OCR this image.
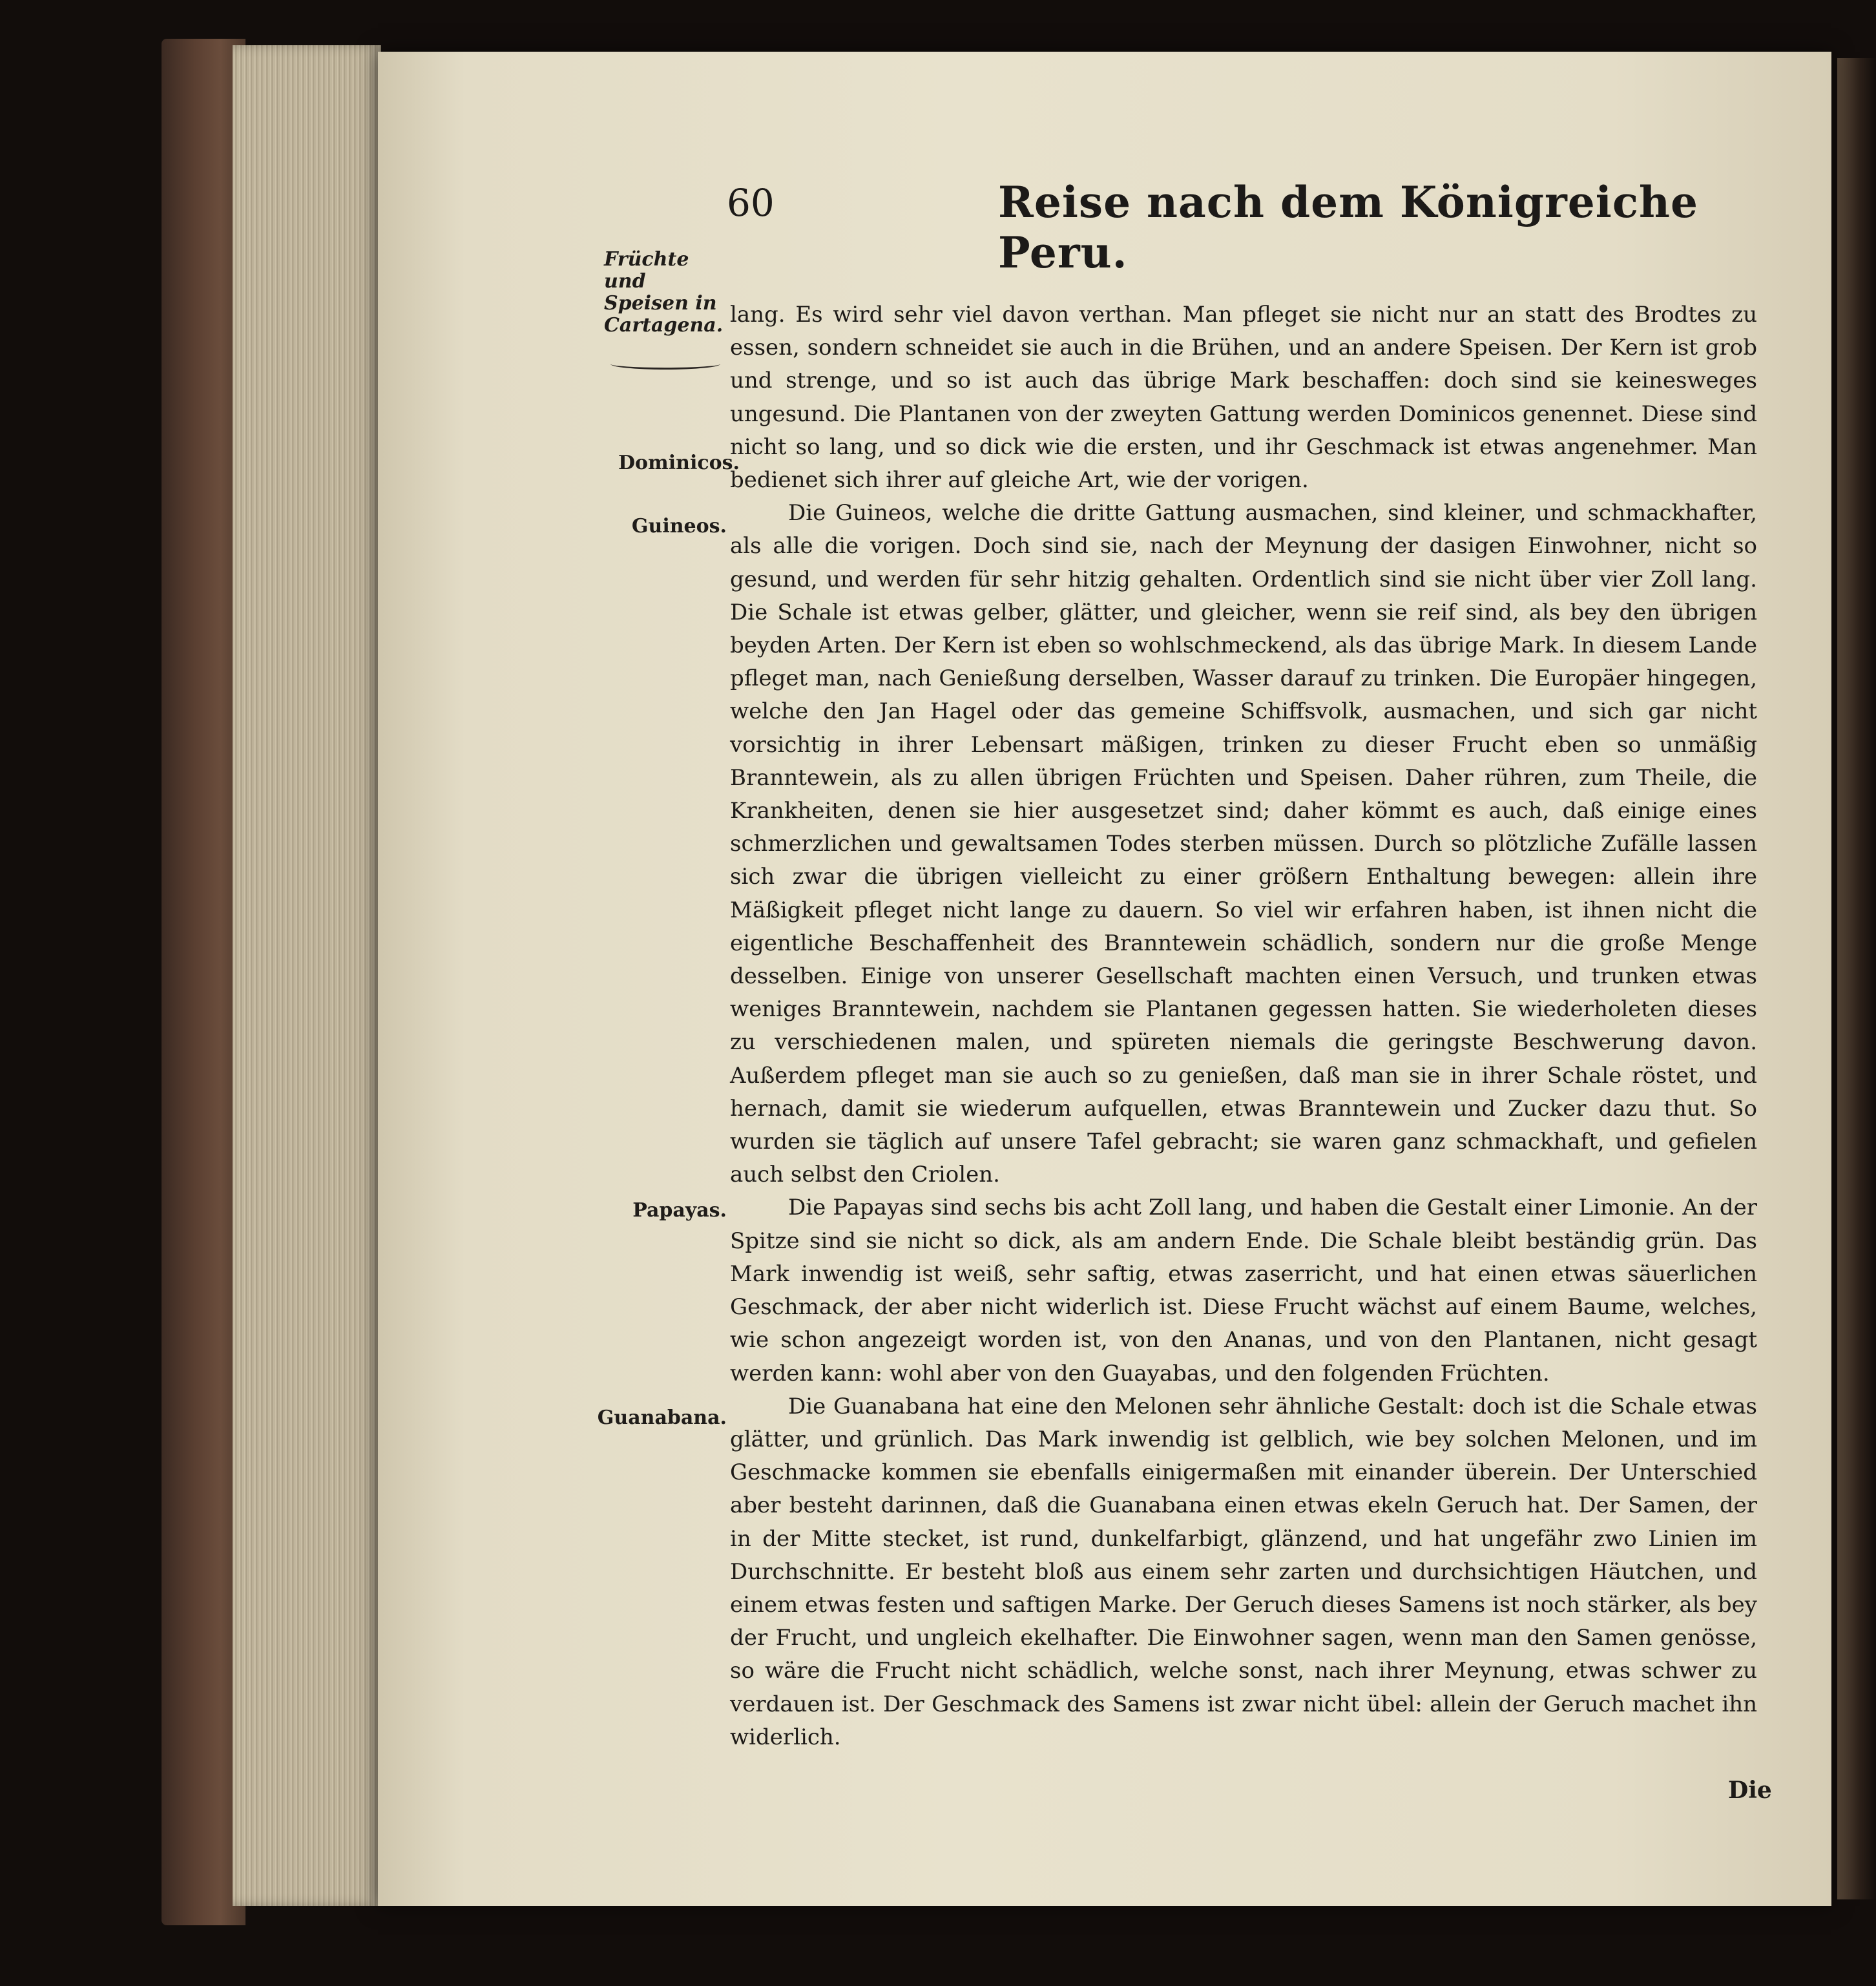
60	Reise nach dem Königreiche Peru.
Früchte und Speisen in Cartagena.
Dominicos.
Guineos.
Papayas.
Guanabana.

lang. Es wird sehr viel davon verthan. Man pfleget sie nicht nur an statt des Brodtes zu essen, sondern schneidet sie auch in die Brühen, und an andere Speisen. Der Kern ist grob und strenge, und so ist auch das übrige Mark beschaffen: doch sind sie keinesweges ungesund. Die Plantanen von der zweyten Gattung werden Dominicos genennet. Diese sind nicht so lang, und so dick wie die ersten, und ihr Geschmack ist etwas angenehmer. Man bedienet sich ihrer auf gleiche Art, wie der vorigen.

Die Guineos, welche die dritte Gattung ausmachen, sind kleiner, und schmackhafter, als alle die vorigen. Doch sind sie, nach der Meynung der dasigen Einwohner, nicht so gesund, und werden für sehr hitzig gehalten. Ordentlich sind sie nicht über vier Zoll lang. Die Schale ist etwas gelber, glätter, und gleicher, wenn sie reif sind, als bey den übrigen beyden Arten. Der Kern ist eben so wohlschmeckend, als das übrige Mark. In diesem Lande pfleget man, nach Genießung derselben, Wasser darauf zu trinken. Die Europäer hingegen, welche den Jan Hagel oder das gemeine Schiffsvolk, ausmachen, und sich gar nicht vorsichtig in ihrer Lebensart mäßigen, trinken zu dieser Frucht eben so unmäßig Branntewein, als zu allen übrigen Früchten und Speisen. Daher rühren, zum Theile, die Krankheiten, denen sie hier ausgesetzet sind; daher kömmt es auch, daß einige eines schmerzlichen und gewaltsamen Todes sterben müssen. Durch so plötzliche Zufälle lassen sich zwar die übrigen vielleicht zu einer größern Enthaltung bewegen: allein ihre Mäßigkeit pfleget nicht lange zu dauern. So viel wir erfahren haben, ist ihnen nicht die eigentliche Beschaffenheit des Branntewein schädlich, sondern nur die große Menge desselben. Einige von unserer Gesellschaft machten einen Versuch, und trunken etwas weniges Branntewein, nachdem sie Plantanen gegessen hatten. Sie wiederholeten dieses zu verschiedenen malen, und spüreten niemals die geringste Beschwerung davon. Außerdem pfleget man sie auch so zu genießen, daß man sie in ihrer Schale röstet, und hernach, damit sie wiederum aufquellen, etwas Branntewein und Zucker dazu thut. So wurden sie täglich auf unsere Tafel gebracht; sie waren ganz schmackhaft, und gefielen auch selbst den Criolen.

Die Papayas sind sechs bis acht Zoll lang, und haben die Gestalt einer Limonie. An der Spitze sind sie nicht so dick, als am andern Ende. Die Schale bleibt beständig grün. Das Mark inwendig ist weiß, sehr saftig, etwas zaserricht, und hat einen etwas säuerlichen Geschmack, der aber nicht widerlich ist. Diese Frucht wächst auf einem Baume, welches, wie schon angezeigt worden ist, von den Ananas, und von den Plantanen, nicht gesagt werden kann: wohl aber von den Guayabas, und den folgenden Früchten.

Die Guanabana hat eine den Melonen sehr ähnliche Gestalt: doch ist die Schale etwas glätter, und grünlich. Das Mark inwendig ist gelblich, wie bey solchen Melonen, und im Geschmacke kommen sie ebenfalls einigermaßen mit einander überein. Der Unterschied aber besteht darinnen, daß die Guanabana einen etwas ekeln Geruch hat. Der Samen, der in der Mitte stecket, ist rund, dunkelfarbigt, glänzend, und hat ungefähr zwo Linien im Durchschnitte. Er besteht bloß aus einem sehr zarten und durchsichtigen Häutchen, und einem etwas festen und saftigen Marke. Der Geruch dieses Samens ist noch stärker, als bey der Frucht, und ungleich ekelhafter. Die Einwohner sagen, wenn man den Samen genösse, so wäre die Frucht nicht schädlich, welche sonst, nach ihrer Meynung, etwas schwer zu verdauen ist. Der Geschmack des Samens ist zwar nicht übel: allein der Geruch machet ihn widerlich.

Die
